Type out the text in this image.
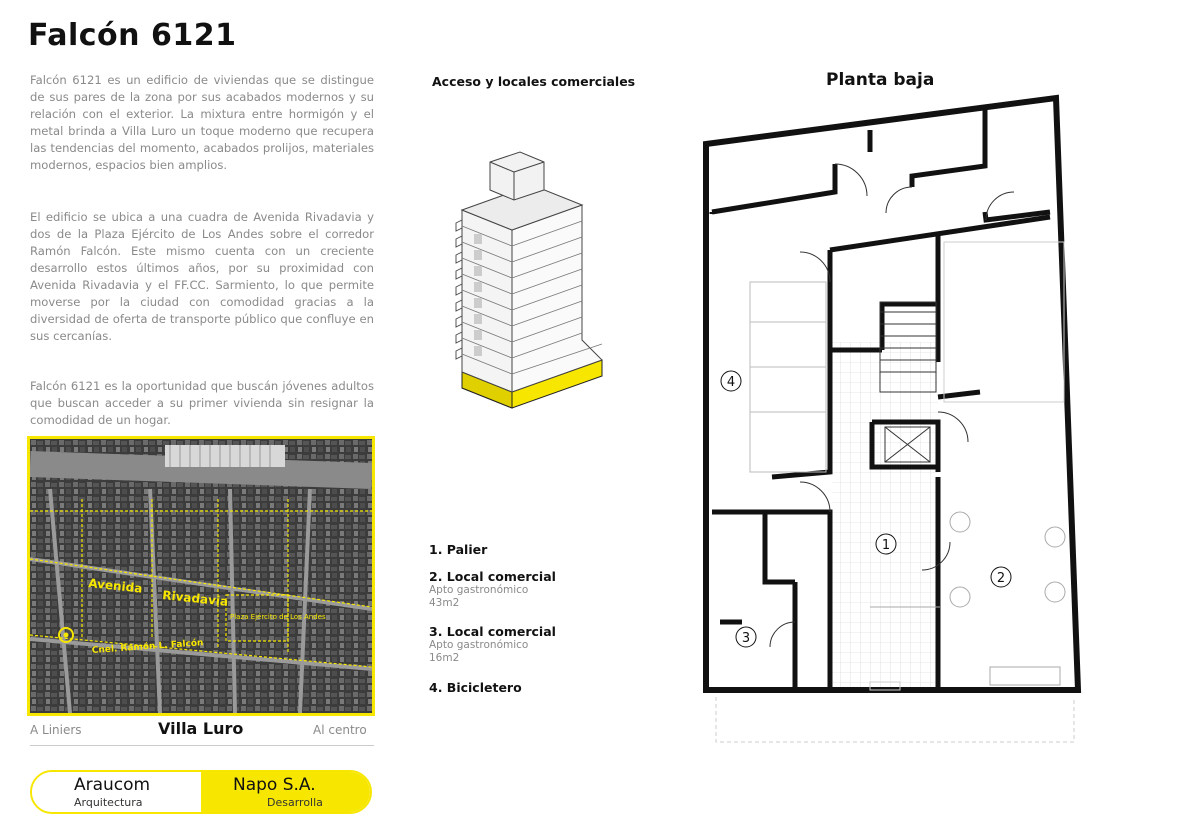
Falcón 6121
Falcón 6121 es un edificio de viviendas que se distingue de sus pares de la zona por sus acabados modernos y su relación con el exterior. La mixtura entre hormigón y el metal brinda a Villa Luro un toque moderno que recupera las tendencias del momento, acabados prolijos, materiales modernos, espacios bien amplios.
El edificio se ubica a una cuadra de Avenida Rivadavia y dos de la Plaza Ejército de Los Andes sobre el corredor Ramón Falcón. Este mismo cuenta con un creciente desarrollo estos últimos años, por su proximidad con Avenida Rivadavia y el FF.CC. Sarmiento, lo que permite moverse por la ciudad con comodidad gracias a la diversidad de oferta de transporte público que confluye en sus cercanías.
Falcón 6121 es la oportunidad que buscán jóvenes adultos que buscan acceder a su primer vivienda sin resignar la comodidad de un hogar.
Avenida
Rivadavia
Plaza Ejército de Los Andes
Cnel. Ramón L. Falcón
A Liniers	Villa Luro	Al centro
Araucom
Arquitectura
Napo S.A.
Desarrolla
Acceso y locales comerciales	Planta baja
1. Palier
2. Local comercial
Apto gastronómico
43m2
3. Local comercial
Apto gastronómico
16m2
4. Bicicletero
4
1
2
3
